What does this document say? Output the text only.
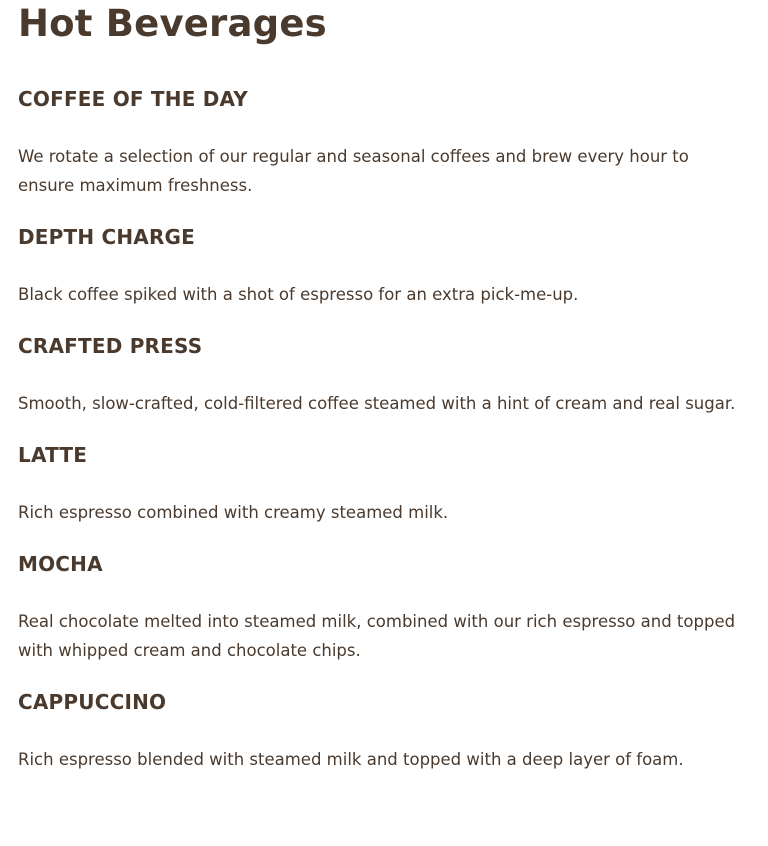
Hot Beverages
COFFEE OF THE DAY

We rotate a selection of our regular and seasonal coffees and brew every hour to ensure maximum freshness.

DEPTH CHARGE

Black coffee spiked with a shot of espresso for an extra pick-me-up.

CRAFTED PRESS

Smooth, slow-crafted, cold-filtered coffee steamed with a hint of cream and real sugar.

LATTE

Rich espresso combined with creamy steamed milk.

MOCHA

Real chocolate melted into steamed milk, combined with our rich espresso and topped with whipped cream and chocolate chips.

CAPPUCCINO

Rich espresso blended with steamed milk and topped with a deep layer of foam.
